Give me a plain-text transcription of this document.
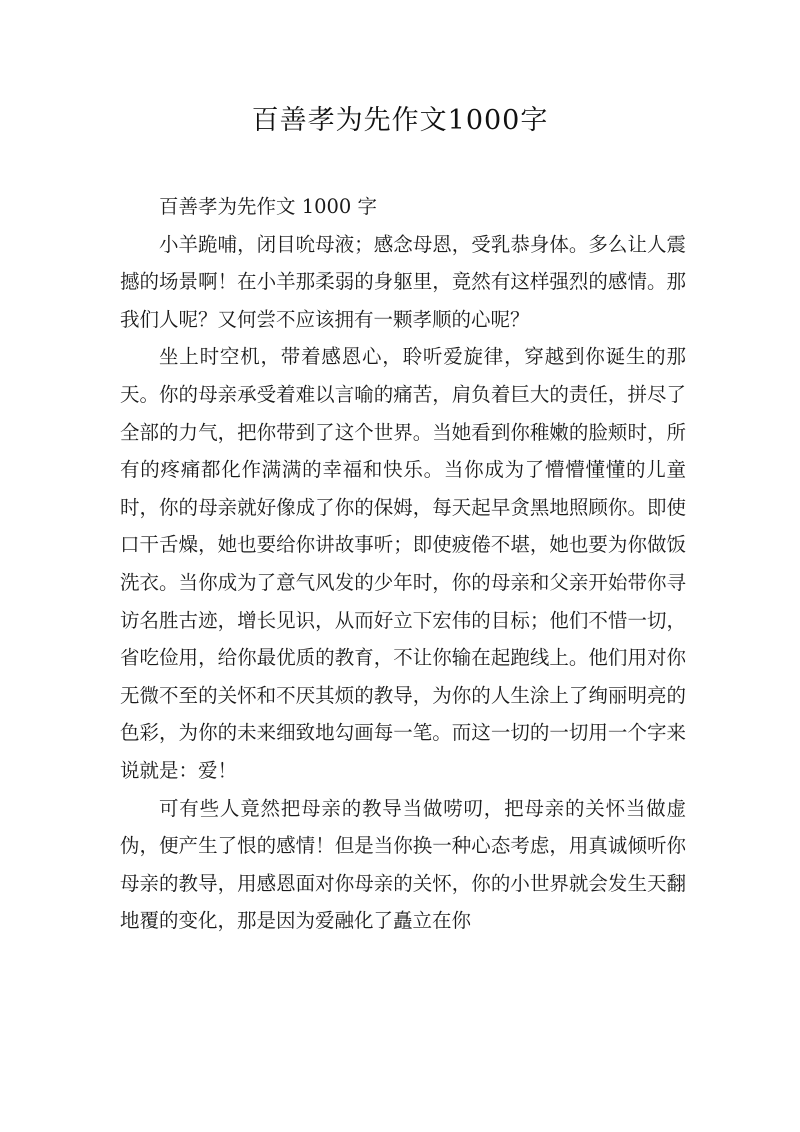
百善孝为先作文1000字

百善孝为先作文 1000 字

小羊跪哺，闭目吮母液；感念母恩，受乳恭身体。多么让人震撼的场景啊！在小羊那柔弱的身躯里，竟然有这样强烈的感情。那我们人呢？又何尝不应该拥有一颗孝顺的心呢？

坐上时空机，带着感恩心，聆听爱旋律，穿越到你诞生的那天。你的母亲承受着难以言喻的痛苦，肩负着巨大的责任，拼尽了全部的力气，把你带到了这个世界。当她看到你稚嫩的脸颊时，所有的疼痛都化作满满的幸福和快乐。当你成为了懵懵懂懂的儿童时，你的母亲就好像成了你的保姆，每天起早贪黑地照顾你。即使口干舌燥，她也要给你讲故事听；即使疲倦不堪，她也要为你做饭洗衣。当你成为了意气风发的少年时，你的母亲和父亲开始带你寻访名胜古迹，增长见识，从而好立下宏伟的目标；他们不惜一切，省吃俭用，给你最优质的教育，不让你输在起跑线上。他们用对你无微不至的关怀和不厌其烦的教导，为你的人生涂上了绚丽明亮的色彩，为你的未来细致地勾画每一笔。而这一切的一切用一个字来说就是：爱！

可有些人竟然把母亲的教导当做唠叨，把母亲的关怀当做虚伪，便产生了恨的感情！但是当你换一种心态考虑，用真诚倾听你母亲的教导，用感恩面对你母亲的关怀，你的小世界就会发生天翻地覆的变化，那是因为爱融化了矗立在你
